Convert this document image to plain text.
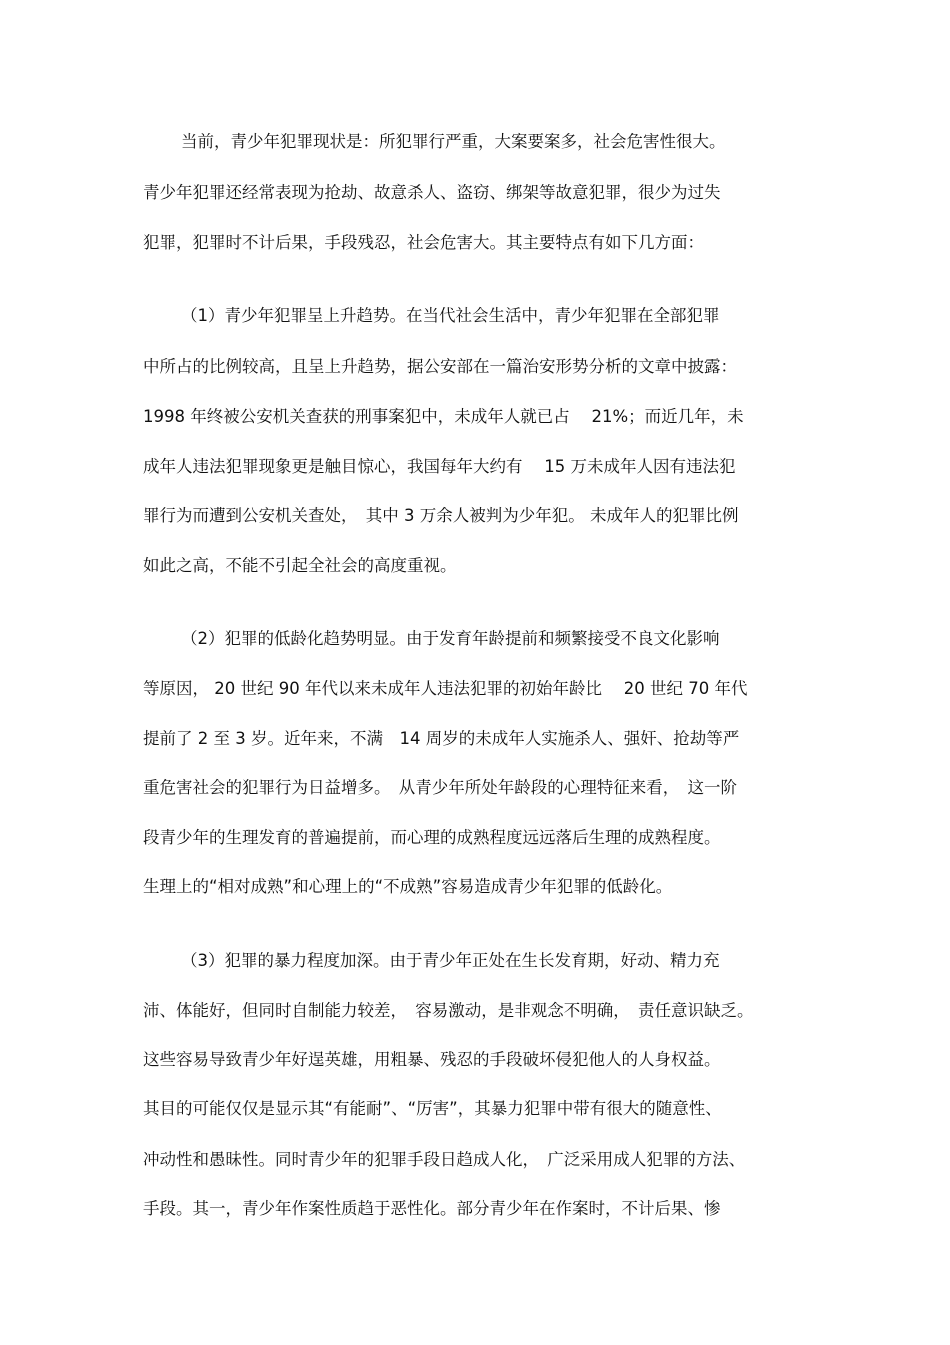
当前，青少年犯罪现状是：所犯罪行严重，大案要案多，社会危害性很大。

青少年犯罪还经常表现为抢劫、故意杀人、盗窃、绑架等故意犯罪，很少为过失

犯罪，犯罪时不计后果，手段残忍，社会危害大。其主要特点有如下几方面：

（1）青少年犯罪呈上升趋势。在当代社会生活中，青少年犯罪在全部犯罪

中所占的比例较高，且呈上升趋势，据公安部在一篇治安形势分析的文章中披露：

1998 年终被公安机关查获的刑事案犯中，未成年人就已占　 21%；而近几年，未

成年人违法犯罪现象更是触目惊心，我国每年大约有　 15 万未成年人因有违法犯

罪行为而遭到公安机关查处，　其中 3 万余人被判为少年犯。 未成年人的犯罪比例

如此之高，不能不引起全社会的高度重视。

（2）犯罪的低龄化趋势明显。由于发育年龄提前和频繁接受不良文化影响

等原因， 20 世纪 90 年代以来未成年人违法犯罪的初始年龄比　 20 世纪 70 年代

提前了 2 至 3 岁。近年来，不满　14 周岁的未成年人实施杀人、强奸、抢劫等严

重危害社会的犯罪行为日益增多。　从青少年所处年龄段的心理特征来看，　这一阶

段青少年的生理发育的普遍提前，而心理的成熟程度远远落后生理的成熟程度。

生理上的“相对成熟”和心理上的“不成熟”容易造成青少年犯罪的低龄化。

（3）犯罪的暴力程度加深。由于青少年正处在生长发育期，好动、精力充

沛、体能好，但同时自制能力较差，　容易激动，是非观念不明确，　责任意识缺乏。

这些容易导致青少年好逞英雄，用粗暴、残忍的手段破坏侵犯他人的人身权益。

其目的可能仅仅是显示其“有能耐”、“厉害”，其暴力犯罪中带有很大的随意性、

冲动性和愚昧性。同时青少年的犯罪手段日趋成人化，　广泛采用成人犯罪的方法、

手段。其一，青少年作案性质趋于恶性化。部分青少年在作案时，不计后果、惨
